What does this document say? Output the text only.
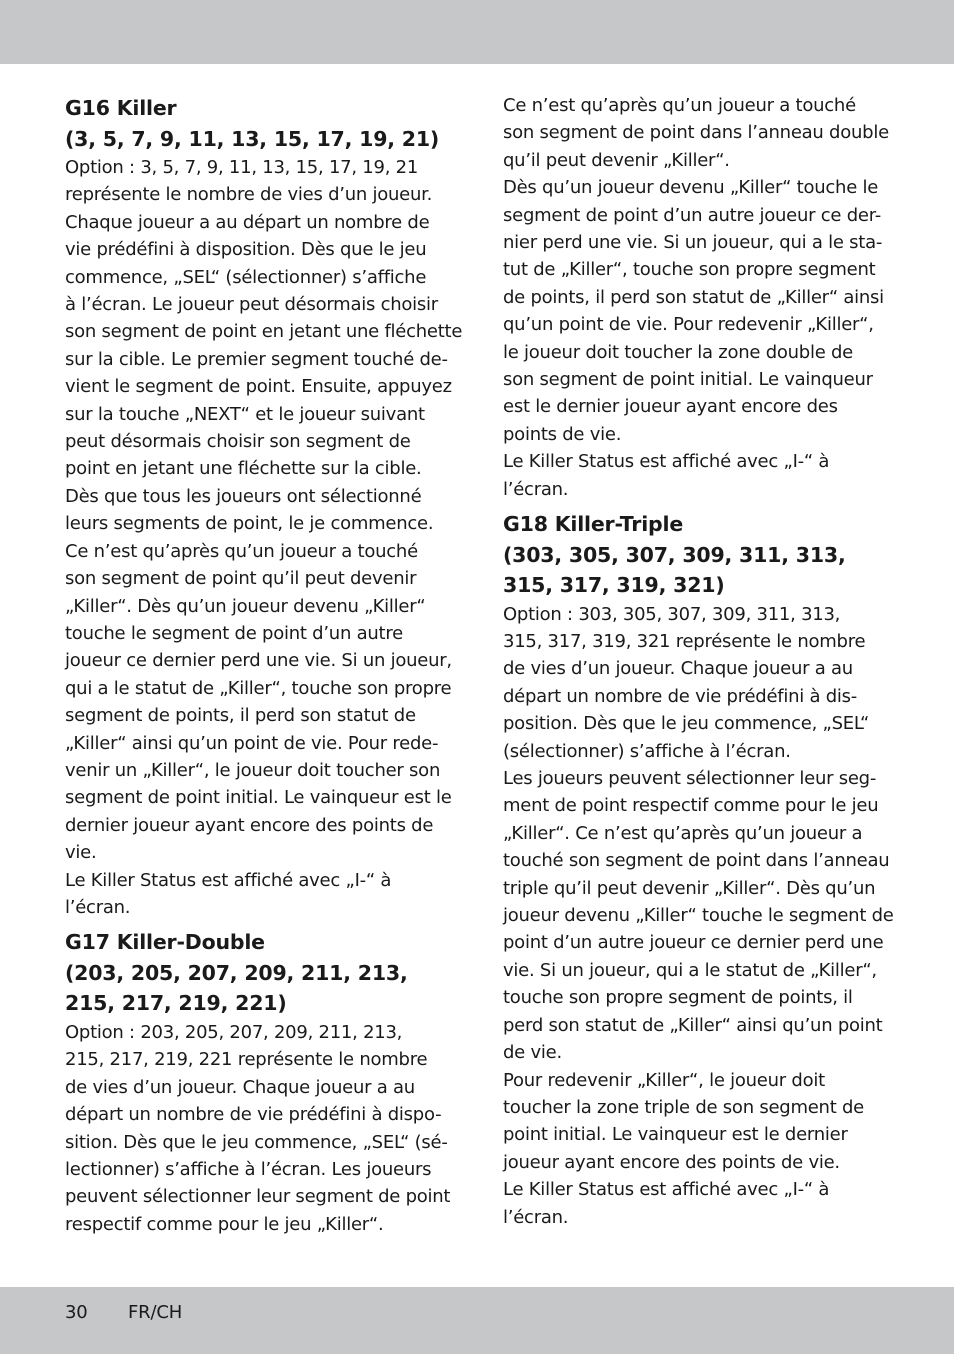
G16 Killer
(3, 5, 7, 9, 11, 13, 15, 17, 19, 21)
Option : 3, 5, 7, 9, 11, 13, 15, 17, 19, 21
représente le nombre de vies d’un joueur.
Chaque joueur a au départ un nombre de
vie prédéfini à disposition. Dès que le jeu
commence, „SEL“ (sélectionner) s’affiche
à l’écran. Le joueur peut désormais choisir
son segment de point en jetant une fléchette
sur la cible. Le premier segment touché de-
vient le segment de point. Ensuite, appuyez
sur la touche „NEXT“ et le joueur suivant
peut désormais choisir son segment de
point en jetant une fléchette sur la cible.
Dès que tous les joueurs ont sélectionné
leurs segments de point, le je commence.
Ce n’est qu’après qu’un joueur a touché
son segment de point qu’il peut devenir
„Killer“. Dès qu’un joueur devenu „Killer“
touche le segment de point d’un autre
joueur ce dernier perd une vie. Si un joueur,
qui a le statut de „Killer“, touche son propre
segment de points, il perd son statut de
„Killer“ ainsi qu’un point de vie. Pour rede-
venir un „Killer“, le joueur doit toucher son
segment de point initial. Le vainqueur est le
dernier joueur ayant encore des points de
vie.
Le Killer Status est affiché avec „I-“ à
l’écran.
G17 Killer-Double
(203, 205, 207, 209, 211, 213,
215, 217, 219, 221)
Option : 203, 205, 207, 209, 211, 213,
215, 217, 219, 221 représente le nombre
de vies d’un joueur. Chaque joueur a au
départ un nombre de vie prédéfini à dispo-
sition. Dès que le jeu commence, „SEL“ (sé-
lectionner) s’affiche à l’écran. Les joueurs
peuvent sélectionner leur segment de point
respectif comme pour le jeu „Killer“.
Ce n’est qu’après qu’un joueur a touché
son segment de point dans l’anneau double
qu’il peut devenir „Killer“.
Dès qu’un joueur devenu „Killer“ touche le
segment de point d’un autre joueur ce der-
nier perd une vie. Si un joueur, qui a le sta-
tut de „Killer“, touche son propre segment
de points, il perd son statut de „Killer“ ainsi
qu’un point de vie. Pour redevenir „Killer“,
le joueur doit toucher la zone double de
son segment de point initial. Le vainqueur
est le dernier joueur ayant encore des
points de vie.
Le Killer Status est affiché avec „I-“ à
l’écran.
G18 Killer-Triple
(303, 305, 307, 309, 311, 313,
315, 317, 319, 321)
Option : 303, 305, 307, 309, 311, 313,
315, 317, 319, 321 représente le nombre
de vies d’un joueur. Chaque joueur a au
départ un nombre de vie prédéfini à dis-
position. Dès que le jeu commence, „SEL“
(sélectionner) s’affiche à l’écran.
Les joueurs peuvent sélectionner leur seg-
ment de point respectif comme pour le jeu
„Killer“. Ce n’est qu’après qu’un joueur a
touché son segment de point dans l’anneau
triple qu’il peut devenir „Killer“. Dès qu’un
joueur devenu „Killer“ touche le segment de
point d’un autre joueur ce dernier perd une
vie. Si un joueur, qui a le statut de „Killer“,
touche son propre segment de points, il
perd son statut de „Killer“ ainsi qu’un point
de vie.
Pour redevenir „Killer“, le joueur doit
toucher la zone triple de son segment de
point initial. Le vainqueur est le dernier
joueur ayant encore des points de vie.
Le Killer Status est affiché avec „I-“ à
l’écran.
30 FR/CH
